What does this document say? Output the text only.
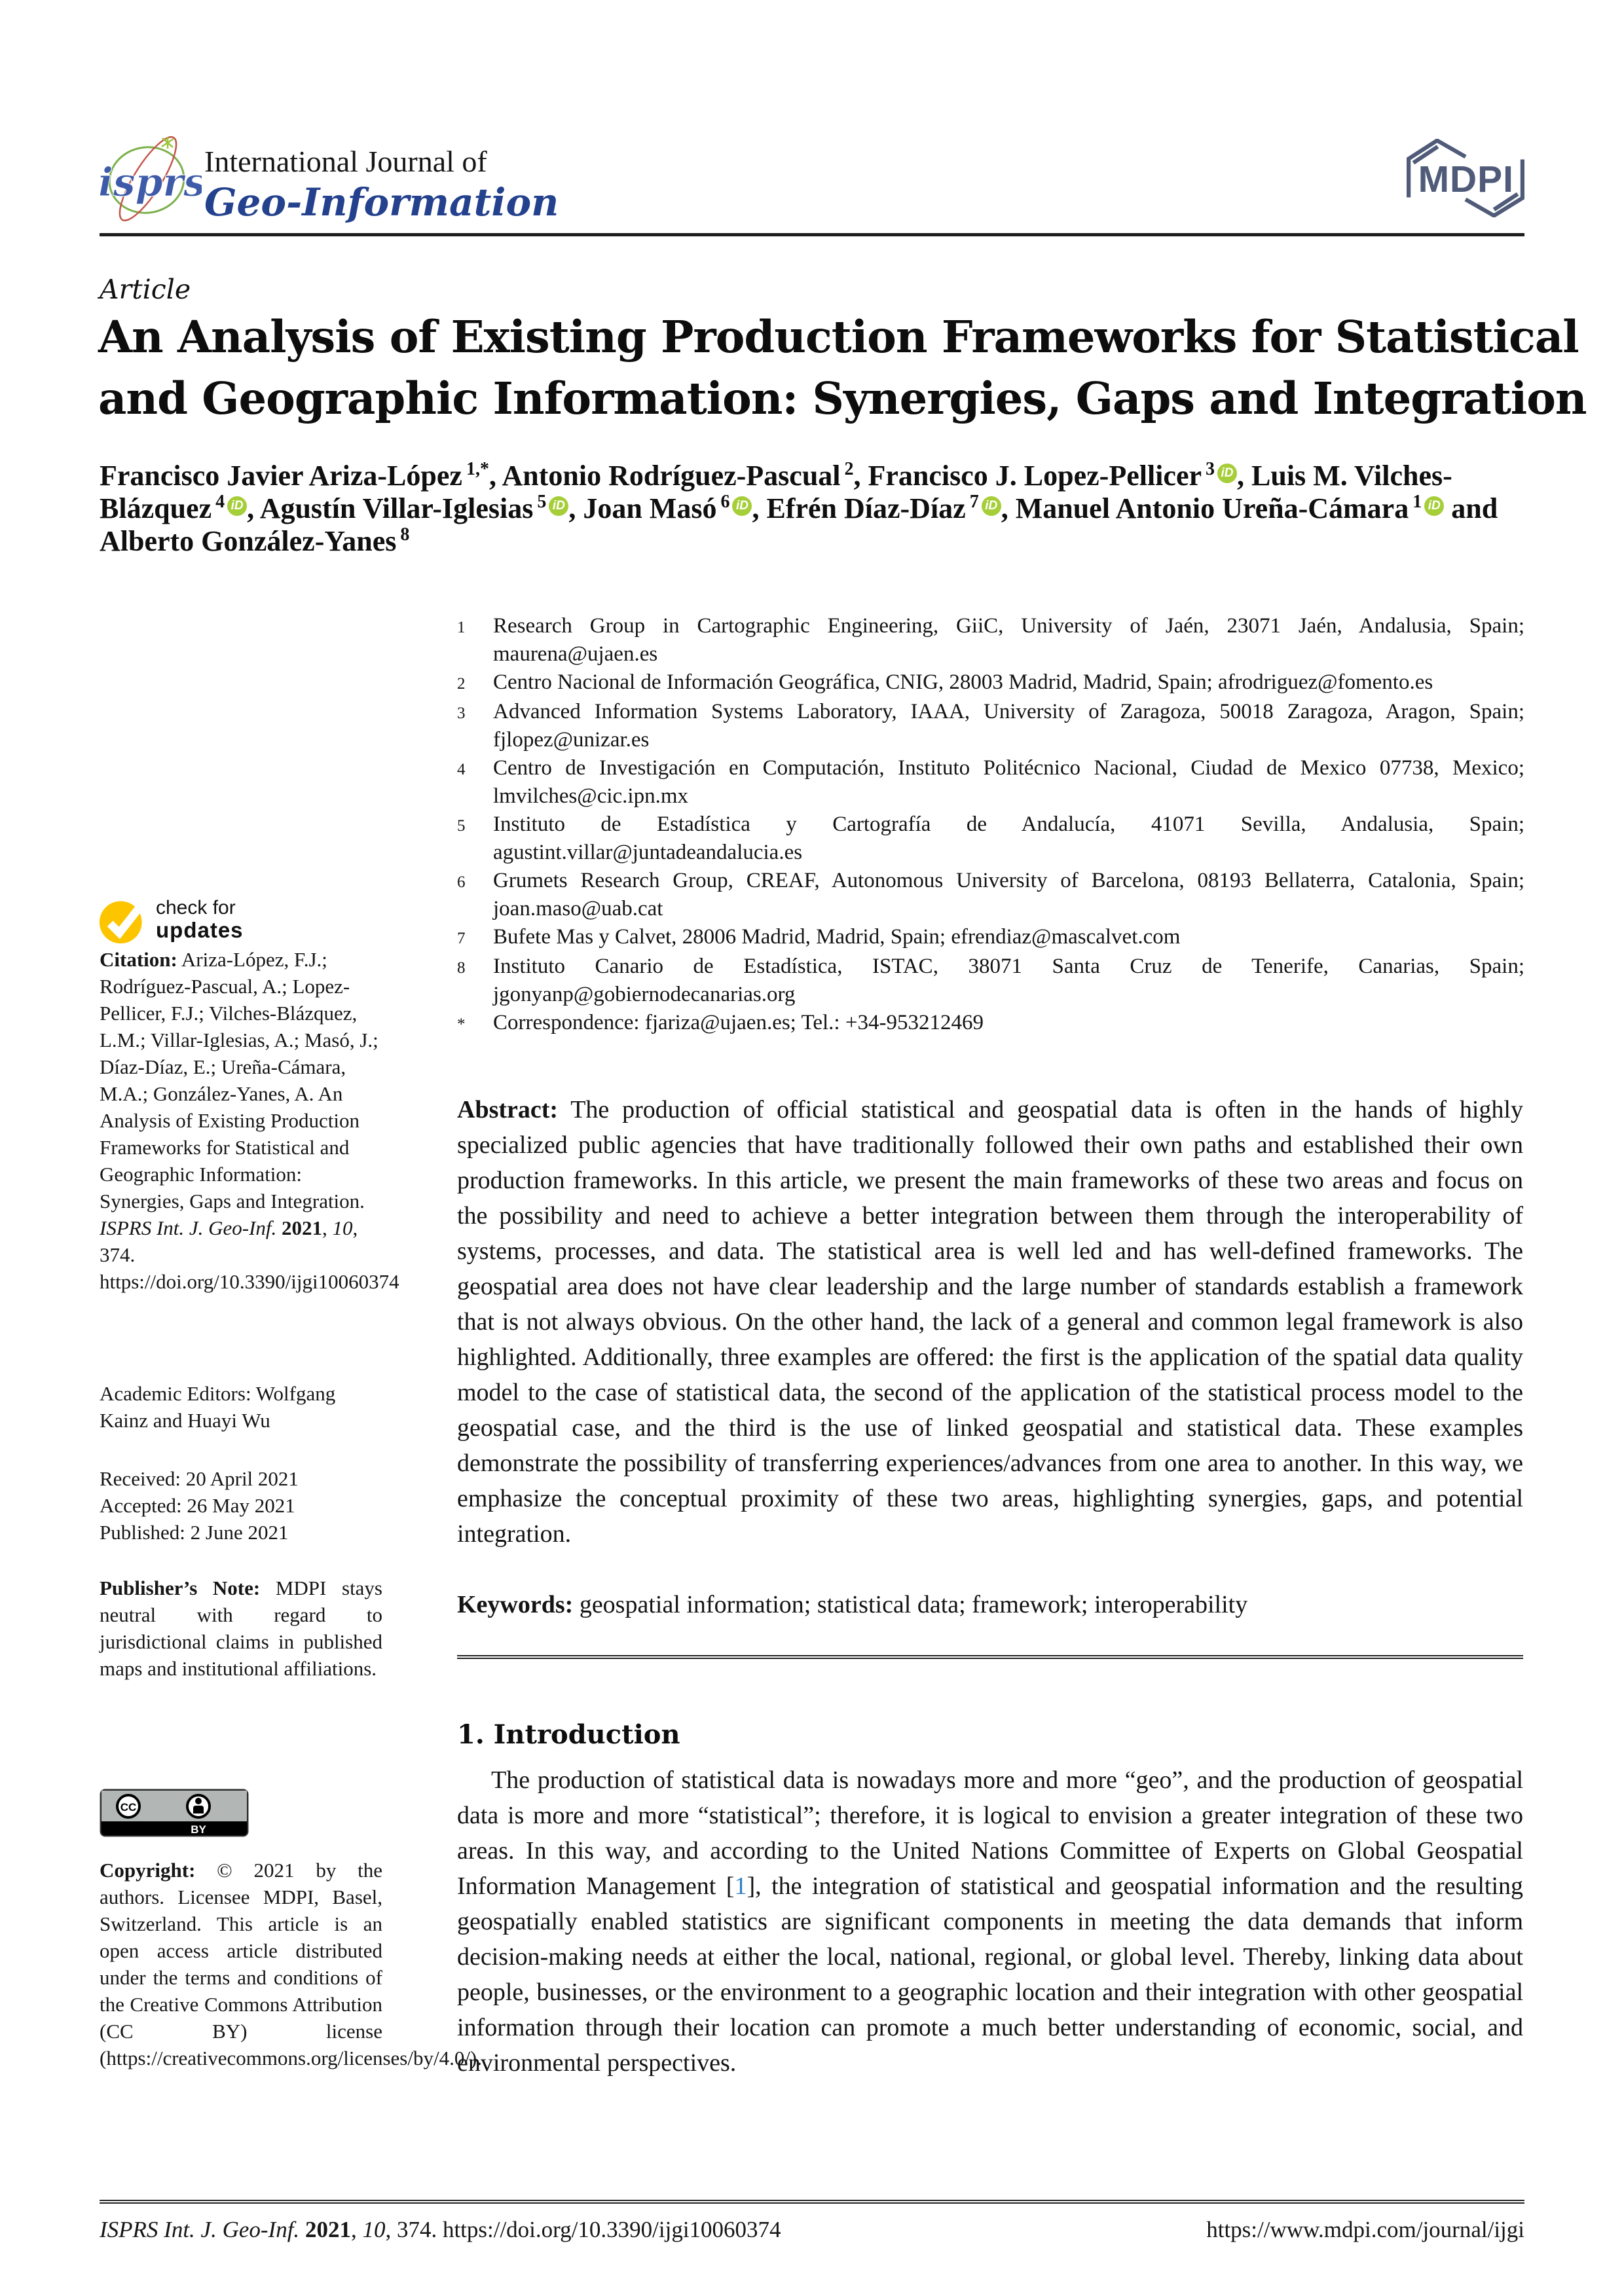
isprs
International Journal of
Geo-Information
MDPI
Article
An Analysis of Existing Production Frameworks for Statistical
and Geographic Information: Synergies, Gaps and Integration
Francisco Javier Ariza-López $^{1,*}$, Antonio Rodríguez-Pascual $^2$, Francisco J. Lopez-Pellicer $^3$ iD , Luis M. Vilches-Blázquez $^4$ iD , Agustín Villar-Iglesias $^5$ iD , Joan Masó $^6$ iD , Efrén Díaz-Díaz $^7$ iD , Manuel Antonio Ureña-Cámara $^1$ iD and Alberto González-Yanes $^8$
1	Research Group in Cartographic Engineering, GiiC, University of Jaén, 23071 Jaén, Andalusia, Spain; maurena@ujaen.es
2	Centro Nacional de Información Geográfica, CNIG, 28003 Madrid, Madrid, Spain; afrodriguez@fomento.es
3	Advanced Information Systems Laboratory, IAAA, University of Zaragoza, 50018 Zaragoza, Aragon, Spain; fjlopez@unizar.es
4	Centro de Investigación en Computación, Instituto Politécnico Nacional, Ciudad de Mexico 07738, Mexico; lmvilches@cic.ipn.mx
5	Instituto de Estadística y Cartografía de Andalucía, 41071 Sevilla, Andalusia, Spain; agustint.villar@juntadeandalucia.es
6	Grumets Research Group, CREAF, Autonomous University of Barcelona, 08193 Bellaterra, Catalonia, Spain; joan.maso@uab.cat
7	Bufete Mas y Calvet, 28006 Madrid, Madrid, Spain; efrendiaz@mascalvet.com
8	Instituto Canario de Estadística, ISTAC, 38071 Santa Cruz de Tenerife, Canarias, Spain; jgonyanp@gobiernodecanarias.org
*	Correspondence: fjariza@ujaen.es; Tel.: +34-953212469
Abstract: The production of official statistical and geospatial data is often in the hands of highly specialized public agencies that have traditionally followed their own paths and established their own production frameworks. In this article, we present the main frameworks of these two areas and focus on the possibility and need to achieve a better integration between them through the interoperability of systems, processes, and data. The statistical area is well led and has well-defined frameworks. The geospatial area does not have clear leadership and the large number of standards establish a framework that is not always obvious. On the other hand, the lack of a general and common legal framework is also highlighted. Additionally, three examples are offered: the first is the application of the spatial data quality model to the case of statistical data, the second of the application of the statistical process model to the geospatial case, and the third is the use of linked geospatial and statistical data. These examples demonstrate the possibility of transferring experiences/advances from one area to another. In this way, we emphasize the conceptual proximity of these two areas, highlighting synergies, gaps, and potential integration.
Keywords: geospatial information; statistical data; framework; interoperability
1. Introduction
The production of statistical data is nowadays more and more “geo”, and the production of geospatial data is more and more “statistical”; therefore, it is logical to envision a greater integration of these two areas. In this way, and according to the United Nations Committee of Experts on Global Geospatial Information Management [1], the integration of statistical and geospatial information and the resulting geospatially enabled statistics are significant components in meeting the data demands that inform decision-making needs at either the local, national, regional, or global level. Thereby, linking data about people, businesses, or the environment to a geographic location and their integration with other geospatial information through their location can promote a much better understanding of economic, social, and environmental perspectives.
check for
updates
Citation: Ariza-López, F.J.; Rodríguez-Pascual, A.; Lopez-Pellicer, F.J.; Vilches-Blázquez, L.M.; Villar-Iglesias, A.; Masó, J.; Díaz-Díaz, E.; Ureña-Cámara, M.A.; González-Yanes, A. An Analysis of Existing Production Frameworks for Statistical and Geographic Information: Synergies, Gaps and Integration. ISPRS Int. J. Geo-Inf. 2021, 10, 374. https://doi.org/10.3390/ijgi10060374
Academic Editors: Wolfgang Kainz and Huayi Wu
Received: 20 April 2021
Accepted: 26 May 2021
Published: 2 June 2021
Publisher’s Note: MDPI stays neutral with regard to jurisdictional claims in published maps and institutional affiliations.
CC
BY
Copyright: © 2021 by the authors. Licensee MDPI, Basel, Switzerland. This article is an open access article distributed under the terms and conditions of the Creative Commons Attribution (CC BY) license (https://creativecommons.org/licenses/by/4.0/).
https://www.mdpi.com/journal/ijgi
ISPRS Int. J. Geo-Inf. 2021, 10, 374. https://doi.org/10.3390/ijgi10060374
